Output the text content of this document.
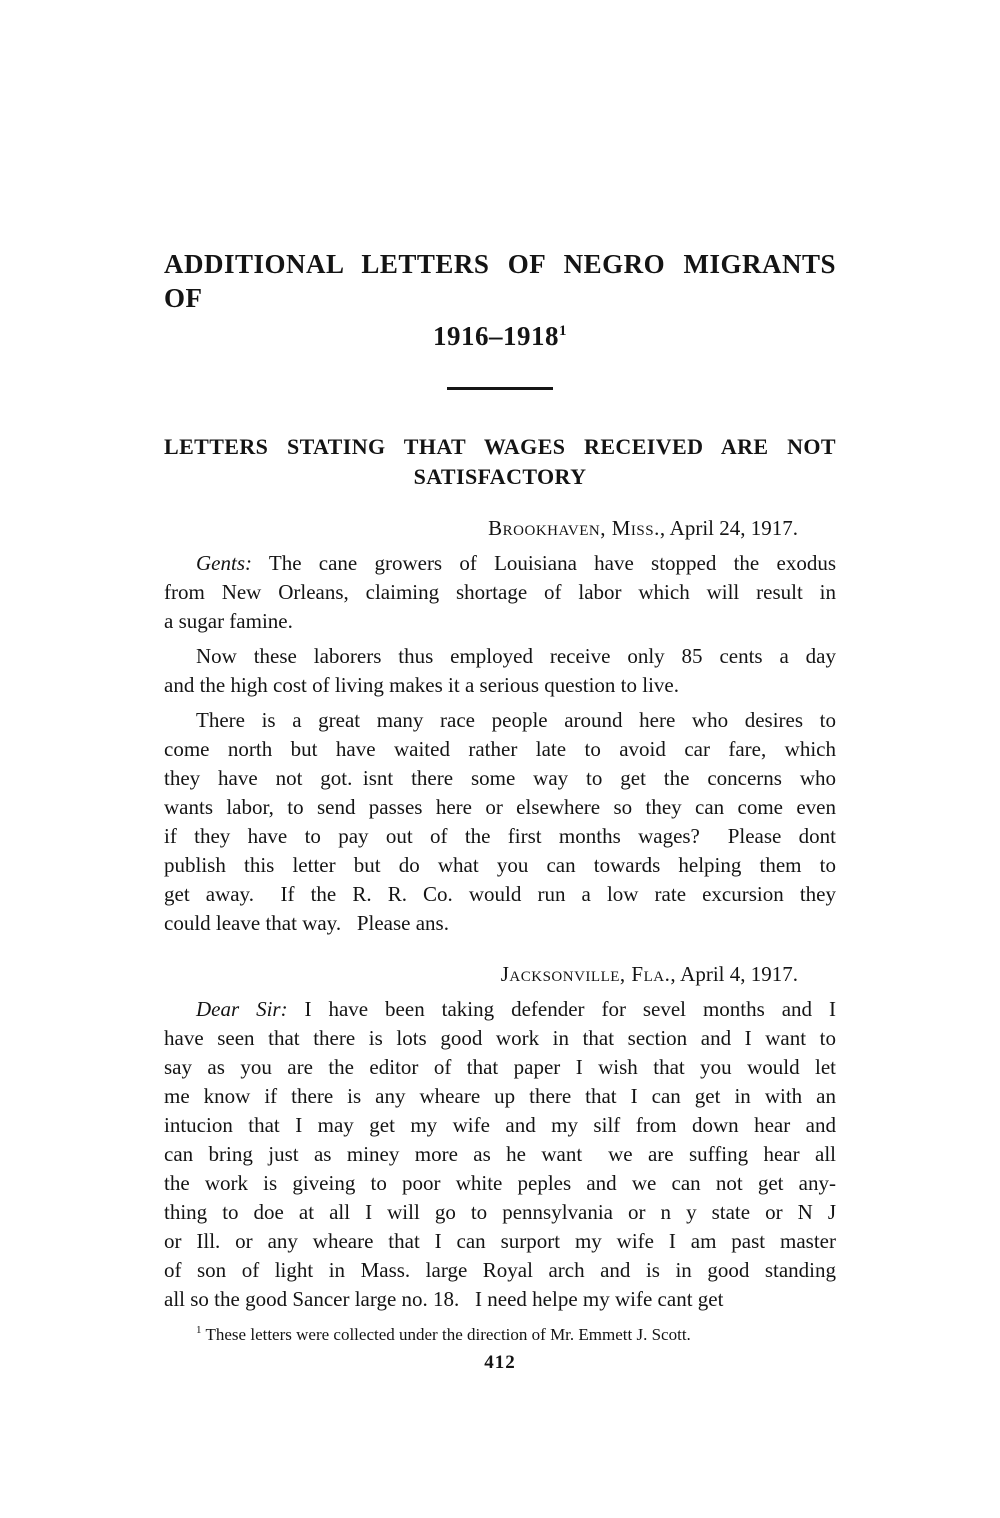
ADDITIONAL LETTERS OF NEGRO MIGRANTS OF
1916–1918$^1$
LETTERS STATING THAT WAGES RECEIVED ARE NOT
SATISFACTORY
Brookhaven, Miss., April 24, 1917.
Gents: The cane growers of Louisiana have stopped the exodus
from New Orleans, claiming shortage of labor which will result in
a sugar famine.
Now these laborers thus employed receive only 85 cents a day
and the high cost of living makes it a serious question to live.
There is a great many race people around here who desires to
come north but have waited rather late to avoid car fare, which
they have not got. isnt there some way to get the concerns who
wants labor, to send passes here or elsewhere so they can come even
if they have to pay out of the first months wages?  Please dont
publish this letter but do what you can towards helping them to
get away.  If the R. R. Co. would run a low rate excursion they
could leave that way.  Please ans.
Jacksonville, Fla., April 4, 1917.
Dear Sir: I have been taking defender for sevel months and I
have seen that there is lots good work in that section and I want to
say as you are the editor of that paper I wish that you would let
me know if there is any wheare up there that I can get in with an
intucion that I may get my wife and my silf from down hear and
can bring just as miney more as he want  we are suffing hear all
the work is giveing to poor white peples and we can not get any-
thing to doe at all I will go to pennsylvania or n y state or N J
or Ill. or any wheare that I can surport my wife I am past master
of son of light in Mass. large Royal arch and is in good standing
all so the good Sancer large no. 18.  I need helpe my wife cant get
$^1$ These letters were collected under the direction of Mr. Emmett J. Scott.
412
